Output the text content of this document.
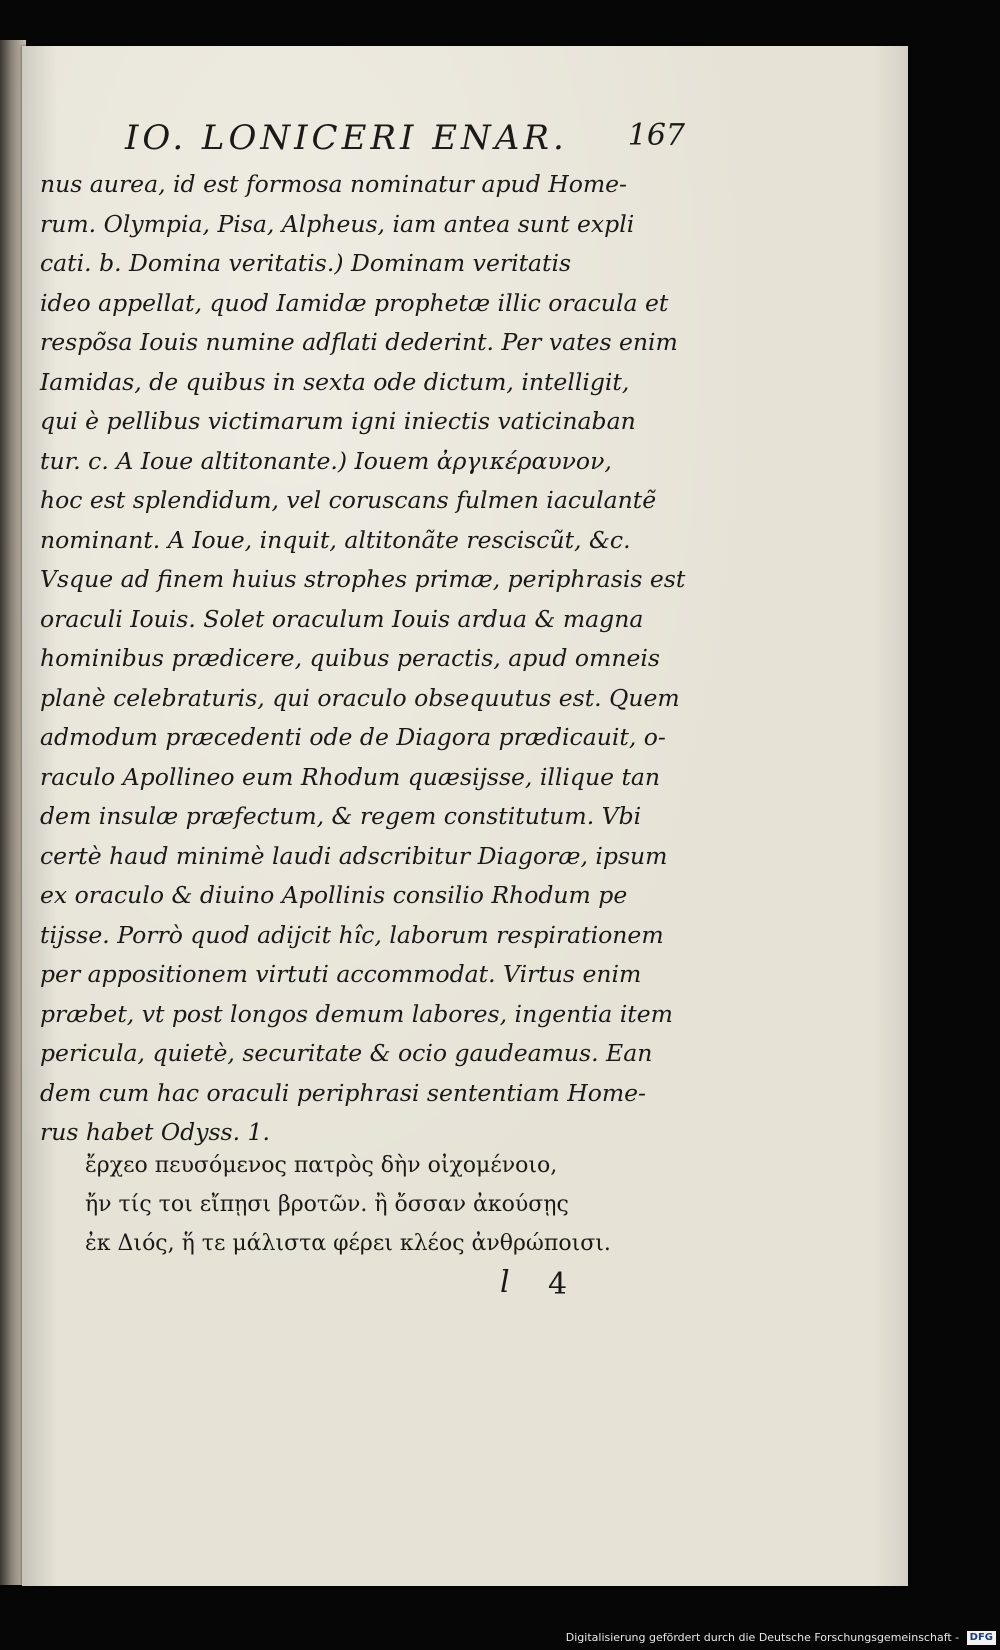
IO. LONICERI ENAR. 167
nus aurea, id est formosa nominatur apud Home-
rum. Olympia, Pisa, Alpheus, iam antea sunt expli
cati. b. Domina veritatis.) Dominam veritatis
ideo appellat, quod Iamidæ prophetæ illic oracula et
respõsa Iouis numine adflati dederint. Per vates enim
Iamidas, de quibus in sexta ode dictum, intelligit,
qui è pellibus victimarum igni iniectis vaticinaban
tur. c. A Ioue altitonante.) Iouem ἀργικέραυνον,
hoc est splendidum, vel coruscans fulmen iaculantẽ
nominant. A Ioue, inquit, altitonãte resciscũt, &c.
Vsque ad finem huius strophes primæ, periphrasis est
oraculi Iouis. Solet oraculum Iouis ardua & magna
hominibus prædicere, quibus peractis, apud omneis
planè celebraturis, qui oraculo obsequutus est. Quem
admodum præcedenti ode de Diagora prædicauit, o-
raculo Apollineo eum Rhodum quæsijsse, illique tan
dem insulæ præfectum, & regem constitutum. Vbi
certè haud minimè laudi adscribitur Diagoræ, ipsum
ex oraculo & diuino Apollinis consilio Rhodum pe
tijsse. Porrò quod adijcit hîc, laborum respirationem
per appositionem virtuti accommodat. Virtus enim
præbet, vt post longos demum labores, ingentia item
pericula, quietè, securitate & ocio gaudeamus. Ean
dem cum hac oraculi periphrasi sententiam Home-
rus habet Odyss. 1.
ἔρχεο πευσόμενος πατρὸς δὴν οἰχομένοιο,
ἤν τίς τοι εἴπῃσι βροτῶν. ἢ ὄσσαν ἀκούσῃς
ἐκ Διός, ἥ τε μάλιστα φέρει κλέος ἀνθρώποισι.
l 4
Digitalisierung gefördert durch die Deutsche Forschungsgemeinschaft - DFG
